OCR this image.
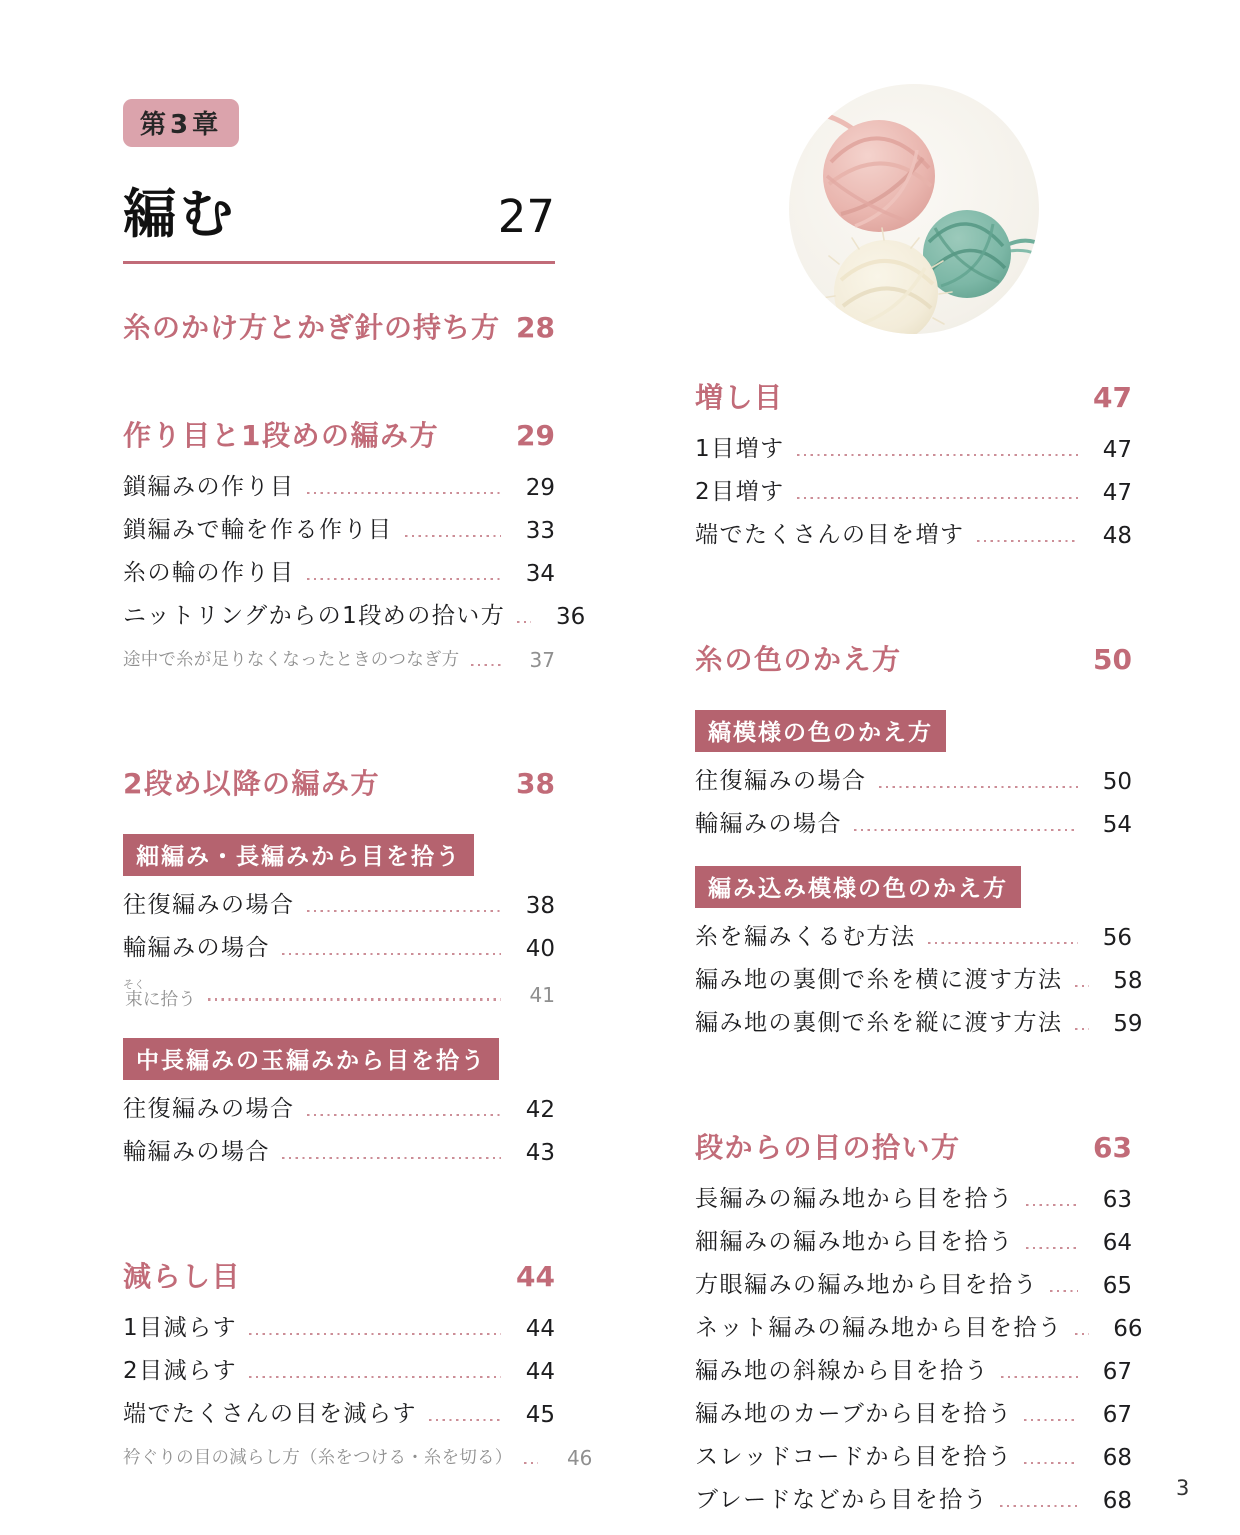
第3章
編む	27
糸のかけ方とかぎ針の持ち方 28
作り目と1段めの編み方	29
鎖編みの作り目	29
鎖編みで輪を作る作り目	33
糸の輪の作り目	34
ニットリングからの1段めの拾い方	36
途中で糸が足りなくなったときのつなぎ方	37
2段め以降の編み方	38
細編み・長編みから目を拾う
往復編みの場合	38
輪編みの場合	40
束そくに拾う	41
中長編みの玉編みから目を拾う
往復編みの場合	42
輪編みの場合	43
減らし目	44
1目減らす	44
2目減らす	44
端でたくさんの目を減らす	45
衿ぐりの目の減らし方（糸をつける・糸を切る）	46
増し目	47
1目増す	47
2目増す	47
端でたくさんの目を増す	48
糸の色のかえ方	50
縞模様の色のかえ方
往復編みの場合	50
輪編みの場合	54
編み込み模様の色のかえ方
糸を編みくるむ方法	56
編み地の裏側で糸を横に渡す方法	58
編み地の裏側で糸を縦に渡す方法	59
段からの目の拾い方	63
長編みの編み地から目を拾う	63
細編みの編み地から目を拾う	64
方眼編みの編み地から目を拾う	65
ネット編みの編み地から目を拾う	66
編み地の斜線から目を拾う	67
編み地のカーブから目を拾う	67
スレッドコードから目を拾う	68
ブレードなどから目を拾う	68 3
